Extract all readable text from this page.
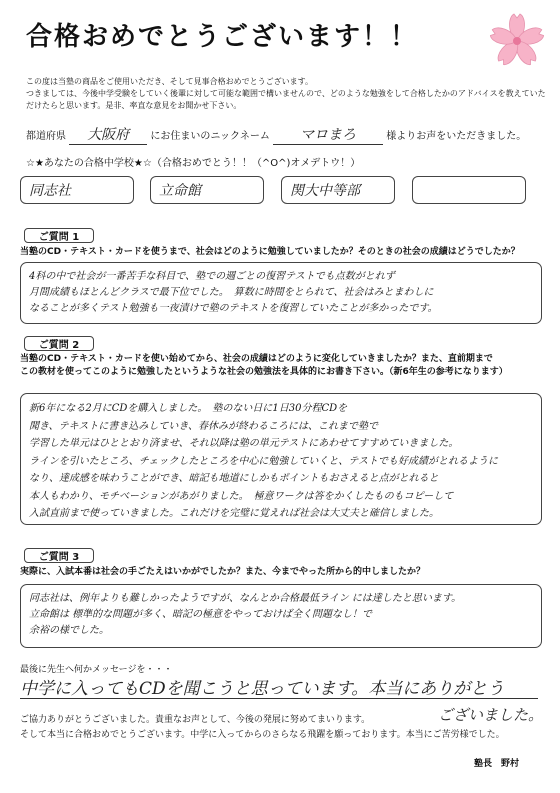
合格おめでとうございます！！
この度は当塾の商品をご使用いただき、そして見事合格おめでとうございます。
つきましては、今後中学受験をしていく後輩に対して可能な範囲で構いませんので、どのような勉強をして合格したかのアドバイスを教えていた
だけたらと思います。是非、率直な意見をお聞かせ下さい。
都道府県 大阪府 にお住まいのニックネーム マロまろ	様よりお声をいただきました。
☆★あなたの合格中学校★☆（合格おめでとう！！（^O^)オメデトウ！）
同志社	立命館	関大中等部
ご質問 1
当塾のCD・テキスト・カードを使うまで、社会はどのように勉強していましたか？そのときの社会の成績はどうでしたか？
4科の中で社会が一番苦手な科目で、塾での週ごとの復習テストでも点数がとれず
月間成績もほとんどクラスで最下位でした。　算数に時間をとられて、社会はみとまわしに
なることが多くテスト勉強も一夜漬けで塾のテキストを復習していたことが多かったです。
ご質問 2
当塾のCD・テキスト・カードを使い始めてから、社会の成績はどのように変化していきましたか？また、直前期まで
この教材を使ってこのように勉強したというような社会の勉強法を具体的にお書き下さい。（新6年生の参考になります）
新6年になる2月にCDを購入しました。　塾のない日に1日30分程CDを
聞き、テキストに書き込みしていき、春休みが終わるころには、これまで塾で
学習した単元はひととおり済ませ、それ以降は塾の単元テストにあわせてすすめていきました。
ラインを引いたところ、チェックしたところを中心に勉強していくと、テストでも好成績がとれるように
なり、達成感を味わうことができ、暗記も地道にしかもポイントもおさえると点がとれると
本人もわかり、モチベーションがあがりました。　極意ワークは答をかくしたものもコピーして
入試直前まで使っていきました。これだけを完璧に覚えれば社会は大丈夫と確信しました。
ご質問 3
実際に、入試本番は社会の手ごたえはいかがでしたか？また、今までやった所から的中しましたか？
同志社は、例年よりも難しかったようですが、なんとか合格最低ライン には達したと思います。
立命館は 標準的な問題が多く、暗記の極意をやっておけば全く問題なし！で
余裕の様でした。
最後に先生へ何かメッセージを・・・
中学に入ってもCDを聞こうと思っています。本当にありがとう
ございました。
ご協力ありがとうございました。貴重なお声として、今後の発展に努めてまいります。
そして本当に合格おめでとうございます。中学に入ってからのさらなる飛躍を願っております。本当にご苦労様でした。
塾長　野村
